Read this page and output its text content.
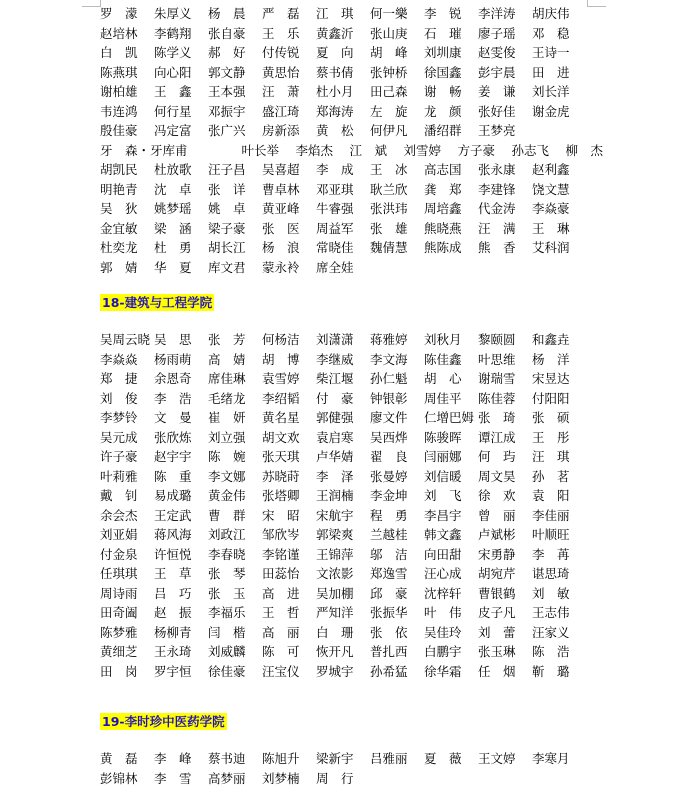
罗　濛	朱厚义	杨　晨	严　磊	江　琪	何一樂	李　锐	李洋涛	胡庆伟
赵培林	李鹤翔	张自豪	王　乐	黄鑫沂	张山庚	石　璀	廖子瑶	邓　稳
白　凯	陈学义	郝　好	付传锐	夏　向	胡　峰	刘圳康	赵雯俊	王诗一
陈燕琪	向心阳	郭文静	黄思怡	蔡书倩	张钟桥	徐国鑫	彭宇晨	田　进
谢柏雄	王　鑫	王本强	汪　萧	杜小月	田己森	谢　畅	姜　谦	刘长洋
韦连鸿	何行星	邓振宇	盛江琦	郑海涛	左　旋	龙　颜	张好佳	谢金虎
殷佳豪	冯定富	张广兴	房新添	黄　松	何伊凡	潘绍群	王梦亮
牙　森・牙库甫	叶长举	李焰杰	江　斌	刘雪婷	方子豪	孙志飞	柳　杰
胡凯民	杜放歌	汪子昌	吴喜超	李　成	王　冰	高志国	张永康	赵利鑫
明艳青	沈　卓	张　详	曹卓林	邓亚琪	耿兰欣	龚　郑	李建锋	饶文慧
吴　狄	姚梦瑶	姚　卓	黄亚峰	牛睿强	张洪玮	周培鑫	代金涛	李焱豪
金宜敏	梁　涵	梁子豪	张　医	周益军	张　雄	熊晓燕	汪　满	王　琳
杜奕龙	杜　勇	胡长江	杨　浪	常晓佳	魏倩慧	熊陈成	熊　香	艾科润
郭　婧	华　夏	库文君	蒙永袊	席全娃
18-建筑与工程学院
吴周云晓 吴　思	张　芳	何杨洁	刘潇潇	蒋雅婷	刘秋月	黎颐圆	和鑫垚
李焱焱	杨雨萌	高　婧	胡　博	李继威	李文海	陈佳鑫	叶思维	杨　洋
郑　捷	余恩奇	席佳琳	袁雪婷	柴江堰	孙仁魁	胡　心	谢瑞雪	宋昱达
刘　俊	李　浩	毛绪龙	李绍韬	付　豪	钟银彰	周佳平	陈佳蓉	付阳阳
李梦铃	文　曼	崔　妍	黄名星	郭健强	廖文件	仁增巴姆 张　琦	张　硕
吴元成	张欣炼	刘立强	胡文欢	袁启寒	吴西烨	陈骏晖	谭江成	王　彤
许子豪	赵宇宇	陈　婉	张天琪	卢华婧	翟　良	闫丽娜	何　玙	汪　琪
叶莉雅	陈　重	李文娜	苏晓莳	李　泽	张曼婷	刘信暖	周文昊	孙　茗
戴　钊	易成璐	黄金伟	张塔卿	王润楠	李金坤	刘　飞	徐　欢	袁　阳
余会杰	王定武	曹　群	宋　昭	宋航宇	程　勇	李昌宇	曾　丽	李佳丽
刘亚娟	蒋风海	刘政江	邹欣岑	郭梁爽	兰越桂	韩文鑫	卢斌彬	叶顺旺
付金泉	许恒悦	李春晓	李铭谨	王锦萍	邬　洁	向田甜	宋勇静	李　苒
任琪琪	王　草	张　琴	田蕊怡	文浓影	郑逸雪	汪心成	胡宛芹	谌思琦
周诗雨	吕　巧	张　玉	高　进	吴加棚	邱　豪	沈梓轩	曹银鹤	刘　敏
田奇阖	赵　振	李福乐	王　哲	严知洋	张振华	叶　伟	皮子凡	王志伟
陈梦雅	杨柳青	闫　楷	高　丽	白　珊	张　依	吴佳玲	刘　蕾	汪家义
黄细芝	王永琦	刘威麟	陈　可	恢开凡	普扎西	白鹏宇	张玉琳	陈　浩
田　岗	罗宇恒	徐佳豪	汪宝仪	罗城宇	孙希猛	徐华霜	任　烟	靳　璐
19-李时珍中医药学院
黄　磊	李　峰	蔡书迪	陈旭升	梁新宇	吕雅丽	夏　薇	王文婷	李寒月
彭锦林	李　雪	高梦丽	刘梦楠	周　行
